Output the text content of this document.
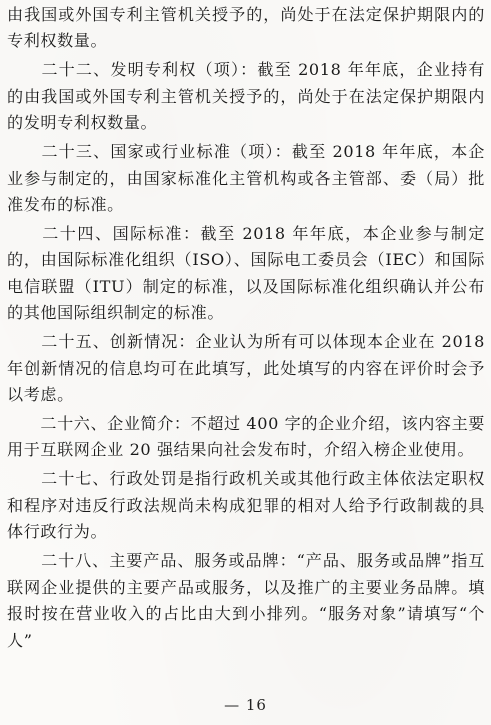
由我国或外国专利主管机关授予的，尚处于在法定保护期限内的专利权数量。

　　二十二、发明专利权（项）：截至 2018 年年底，企业持有的由我国或外国专利主管机关授予的，尚处于在法定保护期限内的发明专利权数量。

　　二十三、国家或行业标准（项）：截至 2018 年年底，本企业参与制定的，由国家标准化主管机构或各主管部、委（局）批准发布的标准。

　　二十四、国际标准：截至 2018 年年底，本企业参与制定的，由国际标准化组织（ISO）、国际电工委员会（IEC）和国际电信联盟（ITU）制定的标准，以及国际标准化组织确认并公布的其他国际组织制定的标准。

　　二十五、创新情况：企业认为所有可以体现本企业在 2018 年创新情况的信息均可在此填写，此处填写的内容在评价时会予以考虑。

　　二十六、企业简介：不超过 400 字的企业介绍，该内容主要用于互联网企业 20 强结果向社会发布时，介绍入榜企业使用。

　　二十七、行政处罚是指行政机关或其他行政主体依法定职权和程序对违反行政法规尚未构成犯罪的相对人给予行政制裁的具体行政行为。

　　二十八、主要产品、服务或品牌：“产品、服务或品牌”指互联网企业提供的主要产品或服务，以及推广的主要业务品牌。填报时按在营业收入的占比由大到小排列。“服务对象”请填写“个人”

— 16
